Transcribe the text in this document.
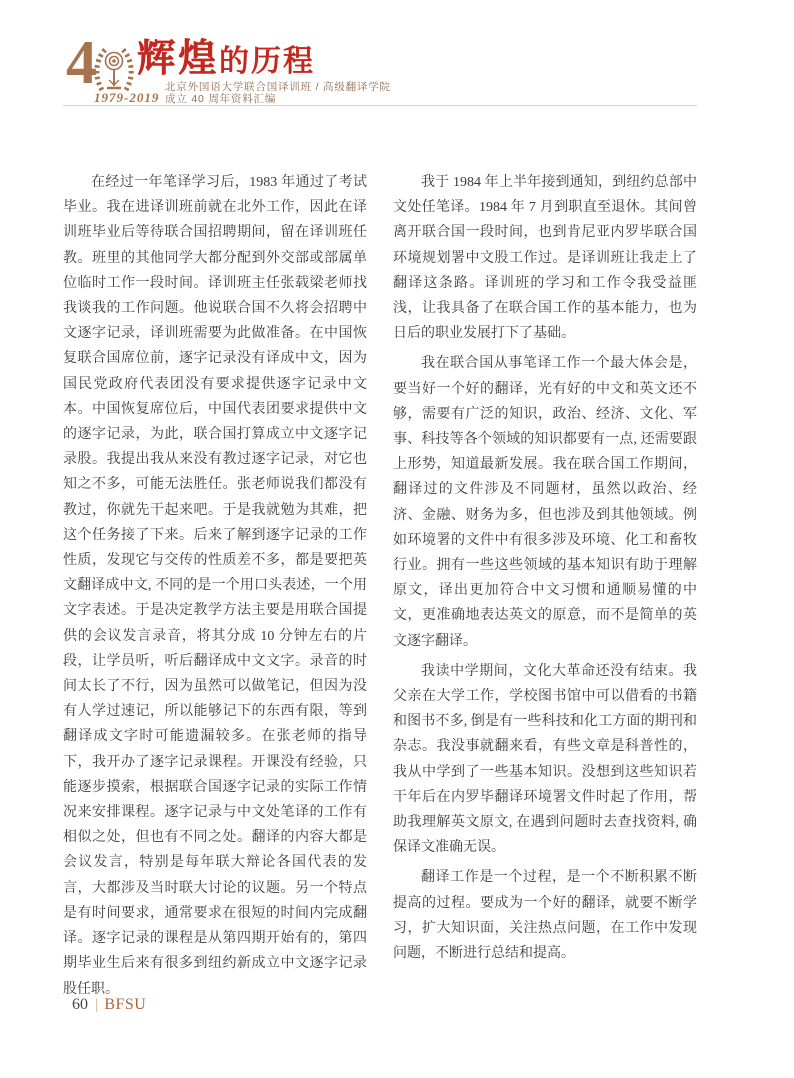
4
1979-2019
辉煌的历程
北京外国语大学联合国译训班 / 高级翻译学院
成立 40 周年资料汇编

在经过一年笔译学习后，1983 年通过了考试毕业。我在进译训班前就在北外工作，因此在译训班毕业后等待联合国招聘期间，留在译训班任教。班里的其他同学大都分配到外交部或部属单位临时工作一段时间。译训班主任张载梁老师找我谈我的工作问题。他说联合国不久将会招聘中文逐字记录，译训班需要为此做准备。在中国恢复联合国席位前，逐字记录没有译成中文，因为国民党政府代表团没有要求提供逐字记录中文本。中国恢复席位后，中国代表团要求提供中文的逐字记录，为此，联合国打算成立中文逐字记录股。我提出我从来没有教过逐字记录，对它也知之不多，可能无法胜任。张老师说我们都没有教过，你就先干起来吧。于是我就勉为其难，把这个任务接了下来。后来了解到逐字记录的工作性质，发现它与交传的性质差不多，都是要把英文翻译成中文, 不同的是一个用口头表述，一个用文字表述。于是决定教学方法主要是用联合国提供的会议发言录音，将其分成 10 分钟左右的片段，让学员听，听后翻译成中文文字。录音的时间太长了不行，因为虽然可以做笔记，但因为没有人学过速记，所以能够记下的东西有限，等到翻译成文字时可能遗漏较多。在张老师的指导下，我开办了逐字记录课程。开课没有经验，只能逐步摸索，根据联合国逐字记录的实际工作情况来安排课程。逐字记录与中文处笔译的工作有相似之处，但也有不同之处。翻译的内容大都是会议发言，特别是每年联大辩论各国代表的发言，大都涉及当时联大讨论的议题。另一个特点是有时间要求，通常要求在很短的时间内完成翻译。逐字记录的课程是从第四期开始有的，第四期毕业生后来有很多到纽约新成立中文逐字记录股任职。

我于 1984 年上半年接到通知，到纽约总部中文处任笔译。1984 年 7 月到职直至退休。其间曾离开联合国一段时间，也到肯尼亚内罗毕联合国环境规划署中文股工作过。是译训班让我走上了翻译这条路。译训班的学习和工作令我受益匪浅，让我具备了在联合国工作的基本能力，也为日后的职业发展打下了基础。

我在联合国从事笔译工作一个最大体会是，要当好一个好的翻译，光有好的中文和英文还不够，需要有广泛的知识，政治、经济、文化、军事、科技等各个领域的知识都要有一点, 还需要跟上形势，知道最新发展。我在联合国工作期间，翻译过的文件涉及不同题材，虽然以政治、经济、金融、财务为多，但也涉及到其他领域。例如环境署的文件中有很多涉及环境、化工和畜牧行业。拥有一些这些领域的基本知识有助于理解原文，译出更加符合中文习惯和通顺易懂的中文，更准确地表达英文的原意，而不是简单的英文逐字翻译。

我读中学期间，文化大革命还没有结束。我父亲在大学工作，学校图书馆中可以借看的书籍和图书不多, 倒是有一些科技和化工方面的期刊和杂志。我没事就翻来看，有些文章是科普性的，我从中学到了一些基本知识。没想到这些知识若干年后在内罗毕翻译环境署文件时起了作用，帮助我理解英文原文, 在遇到问题时去查找资料, 确保译文准确无误。

翻译工作是一个过程，是一个不断积累不断提高的过程。要成为一个好的翻译，就要不断学习，扩大知识面，关注热点问题，在工作中发现问题，不断进行总结和提高。

60 | BFSU
